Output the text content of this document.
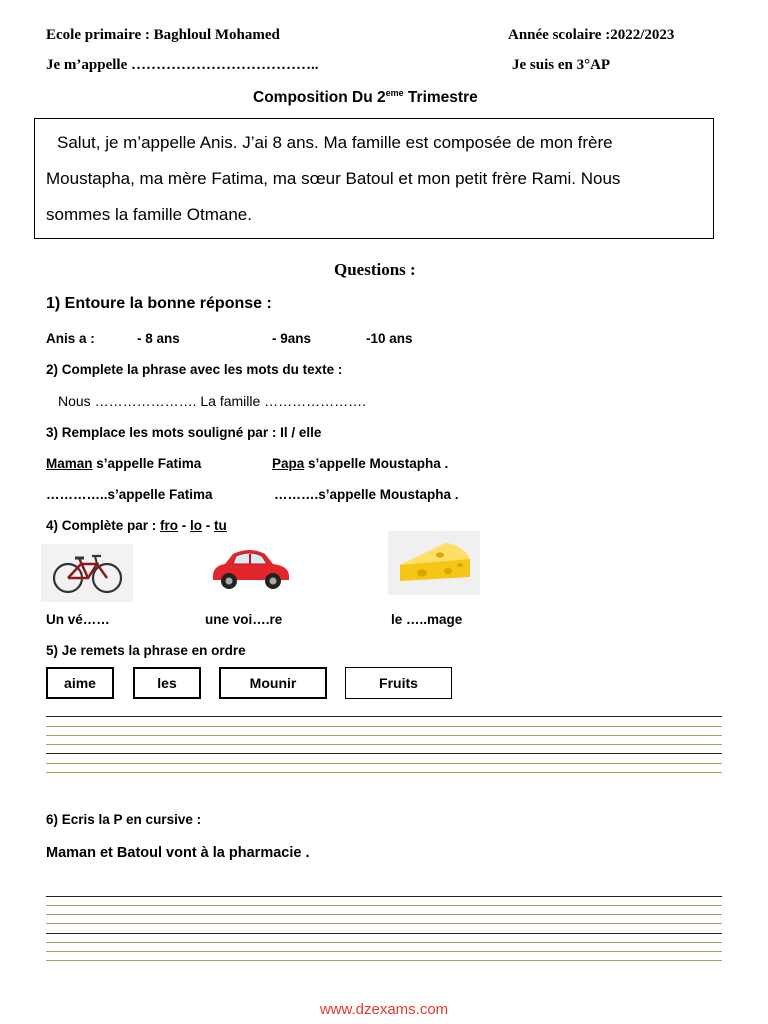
Ecole primaire : Baghloul Mohamed	Année scolaire :2022/2023
Je m’appelle ………………………………..	Je suis en 3°AP
Composition Du 2eme Trimestre
Salut, je m’appelle Anis. J’ai 8 ans. Ma famille est composée de mon frère
Moustapha, ma mère Fatima, ma sœur Batoul et mon petit frère Rami. Nous
sommes la famille Otmane.
Questions :
1) Entoure la bonne réponse :
Anis a :	- 8 ans	- 9ans	-10 ans
2) Complete la phrase avec les mots du texte :
Nous …………………. La famille ………………….
3) Remplace les mots souligné par : Il / elle
Maman s’appelle Fatima	Papa s’appelle Moustapha .
…………..s’appelle Fatima	……….s’appelle Moustapha .
4) Complète par : fro - lo - tu
Un vé……	une voi….re	le …..mage
5) Je remets la phrase en ordre
aime	les	Mounir	Fruits
6) Ecris la P en cursive :
Maman et Batoul vont à la pharmacie .
www.dzexams.com
